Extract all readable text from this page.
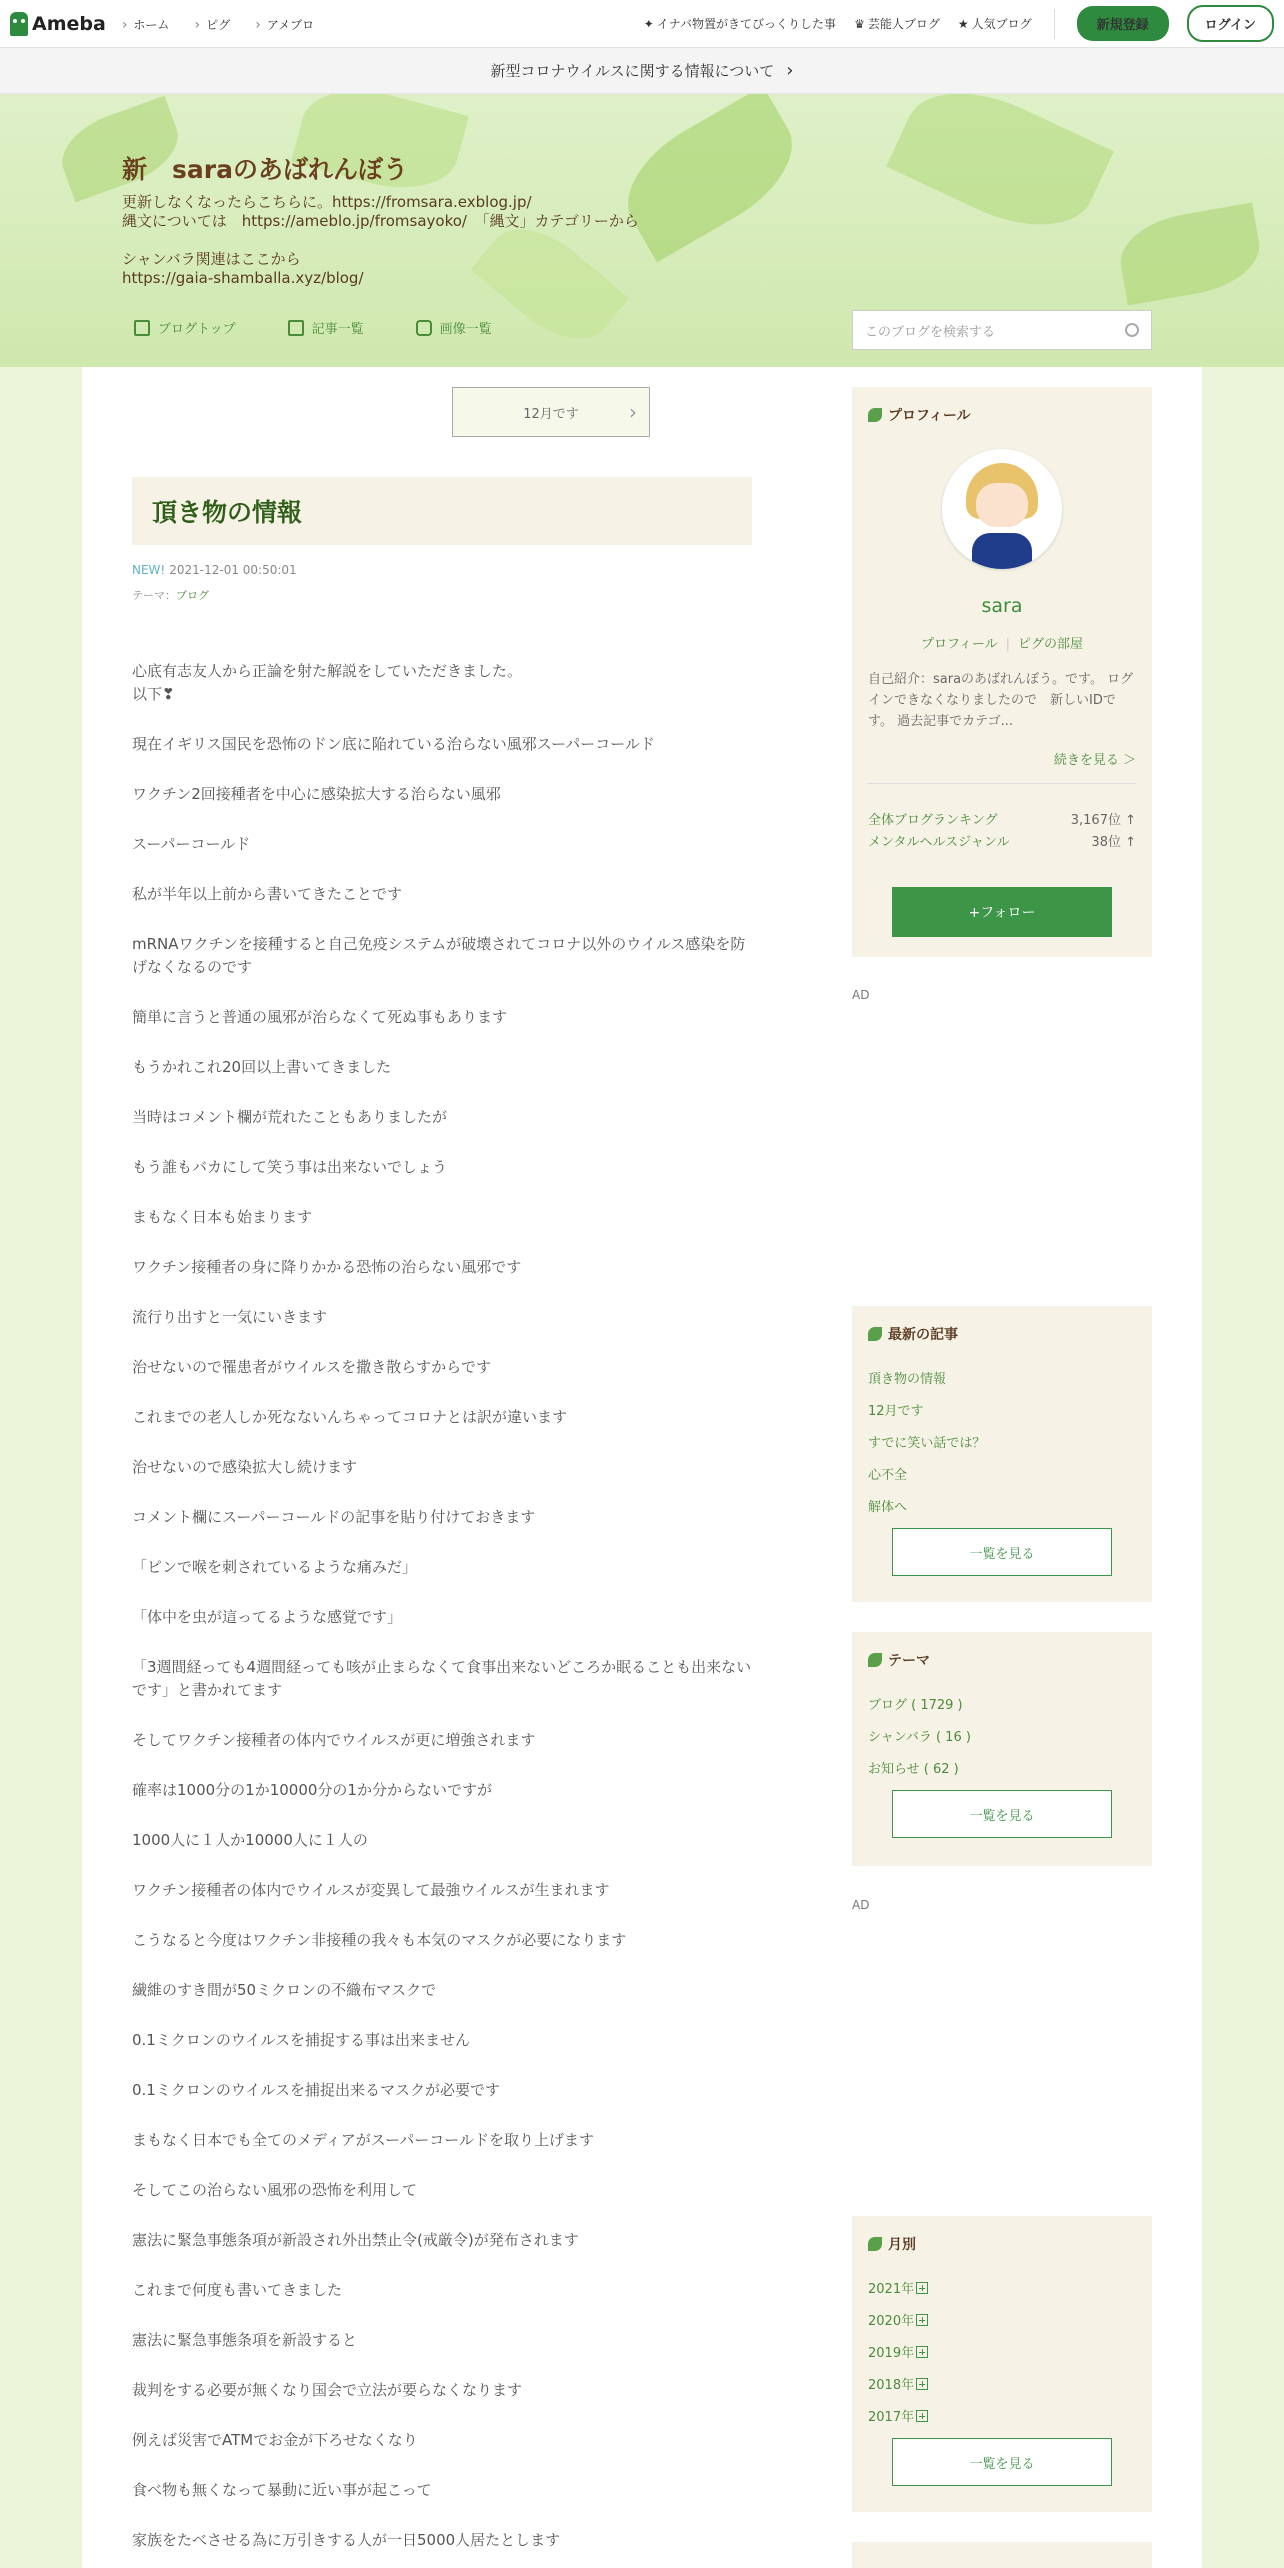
Ameba	› ホーム	› ピグ	› アメブロ	✦ イナバ物置がきてびっくりした事 ♛ 芸能人ブログ ★ 人気ブログ	新規登録	ログイン
新型コロナウイルスに関する情報について ›
新　saraのあばれんぼう
更新しなくなったらこちらに。https://fromsara.exblog.jp/
縄文については　https://ameblo.jp/fromsayoko/　「縄文」カテゴリーから

シャンバラ関連はここから
https://gaia-shamballa.xyz/blog/
ブログトップ	記事一覧	画像一覧	このブログを検索する
12月です	›
頂き物の情報
NEW! 2021-12-01 00:50:01
テーマ：ブログ

心底有志友人から正論を射た解説をしていただきました。
以下❣

現在イギリス国民を恐怖のドン底に陥れている治らない風邪スーパーコールド

ワクチン2回接種者を中心に感染拡大する治らない風邪

スーパーコールド

私が半年以上前から書いてきたことです

mRNAワクチンを接種すると自己免疫システムが破壊されてコロナ以外のウイルス感染を防げなくなるのです

簡単に言うと普通の風邪が治らなくて死ぬ事もあります

もうかれこれ20回以上書いてきました

当時はコメント欄が荒れたこともありましたが

もう誰もバカにして笑う事は出来ないでしょう

まもなく日本も始まります

ワクチン接種者の身に降りかかる恐怖の治らない風邪です

流行り出すと一気にいきます

治せないので罹患者がウイルスを撒き散らすからです

これまでの老人しか死なないんちゃってコロナとは訳が違います

治せないので感染拡大し続けます

コメント欄にスーパーコールドの記事を貼り付けておきます

「ピンで喉を刺されているような痛みだ」

「体中を虫が這ってるような感覚です」

「3週間経っても4週間経っても咳が止まらなくて食事出来ないどころか眠ることも出来ないです」と書かれてます

そしてワクチン接種者の体内でウイルスが更に増強されます

確率は1000分の1か10000分の1か分からないですが

1000人に１人か10000人に１人の

ワクチン接種者の体内でウイルスが変異して最強ウイルスが生まれます

こうなると今度はワクチン非接種の我々も本気のマスクが必要になります

繊維のすき間が50ミクロンの不織布マスクで

0.1ミクロンのウイルスを捕捉する事は出来ません

0.1ミクロンのウイルスを捕捉出来るマスクが必要です

まもなく日本でも全てのメディアがスーパーコールドを取り上げます

そしてこの治らない風邪の恐怖を利用して

憲法に緊急事態条項が新設され外出禁止令(戒厳令)が発布されます

これまで何度も書いてきました

憲法に緊急事態条項を新設すると

裁判をする必要が無くなり国会で立法が要らなくなります

例えば災害でATMでお金が下ろせなくなり

食べ物も無くなって暴動に近い事が起こって

家族をたべさせる為に万引きする人が一日5000人居たとします

プロフィール
sara
プロフィール | ピグの部屋
自己紹介：saraのあばれんぼう。です。 ログインできなくなりましたので　新しいIDです。 過去記事でカテゴ...
続きを見る ＞
全体ブログランキング	3,167位 ↑
メンタルヘルスジャンル	38位 ↑
+フォロー
AD
最新の記事
頂き物の情報
12月です
すでに笑い話では？
心不全
解体へ
一覧を見る
テーマ
ブログ ( 1729 )
シャンバラ ( 16 )
お知らせ ( 62 )
一覧を見る
AD
月別
2021年
2020年
2019年
2018年
2017年
一覧を見る
